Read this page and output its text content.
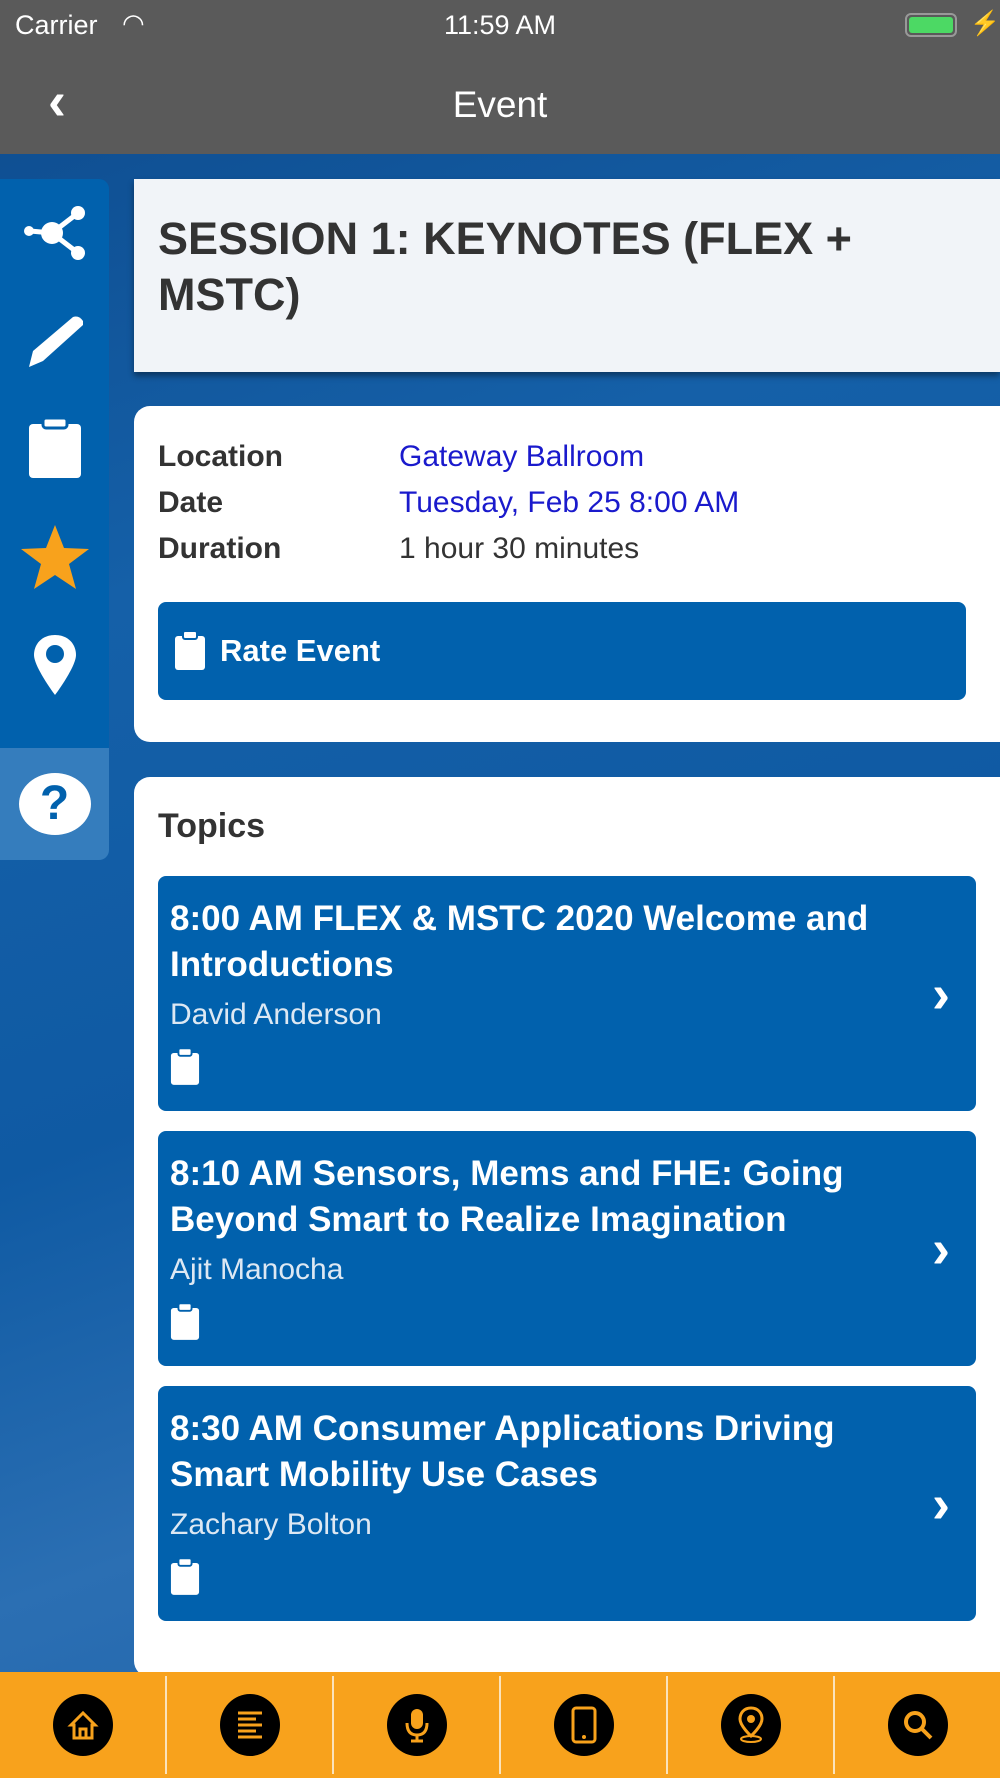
Carrier ◠	11:59 AM	⚡
‹	Event
?
SESSION 1: KEYNOTES (FLEX + MSTC)
Location	Gateway Ballroom
Date	Tuesday, Feb 25 8:00 AM
Duration	1 hour 30 minutes
Rate Event
Topics
8:00 AM FLEX & MSTC 2020 Welcome and Introductions
David Anderson	›
8:10 AM Sensors, Mems and FHE: Going Beyond Smart to Realize Imagination
Ajit Manocha	›
8:30 AM Consumer Applications Driving Smart Mobility Use Cases
Zachary Bolton	›
